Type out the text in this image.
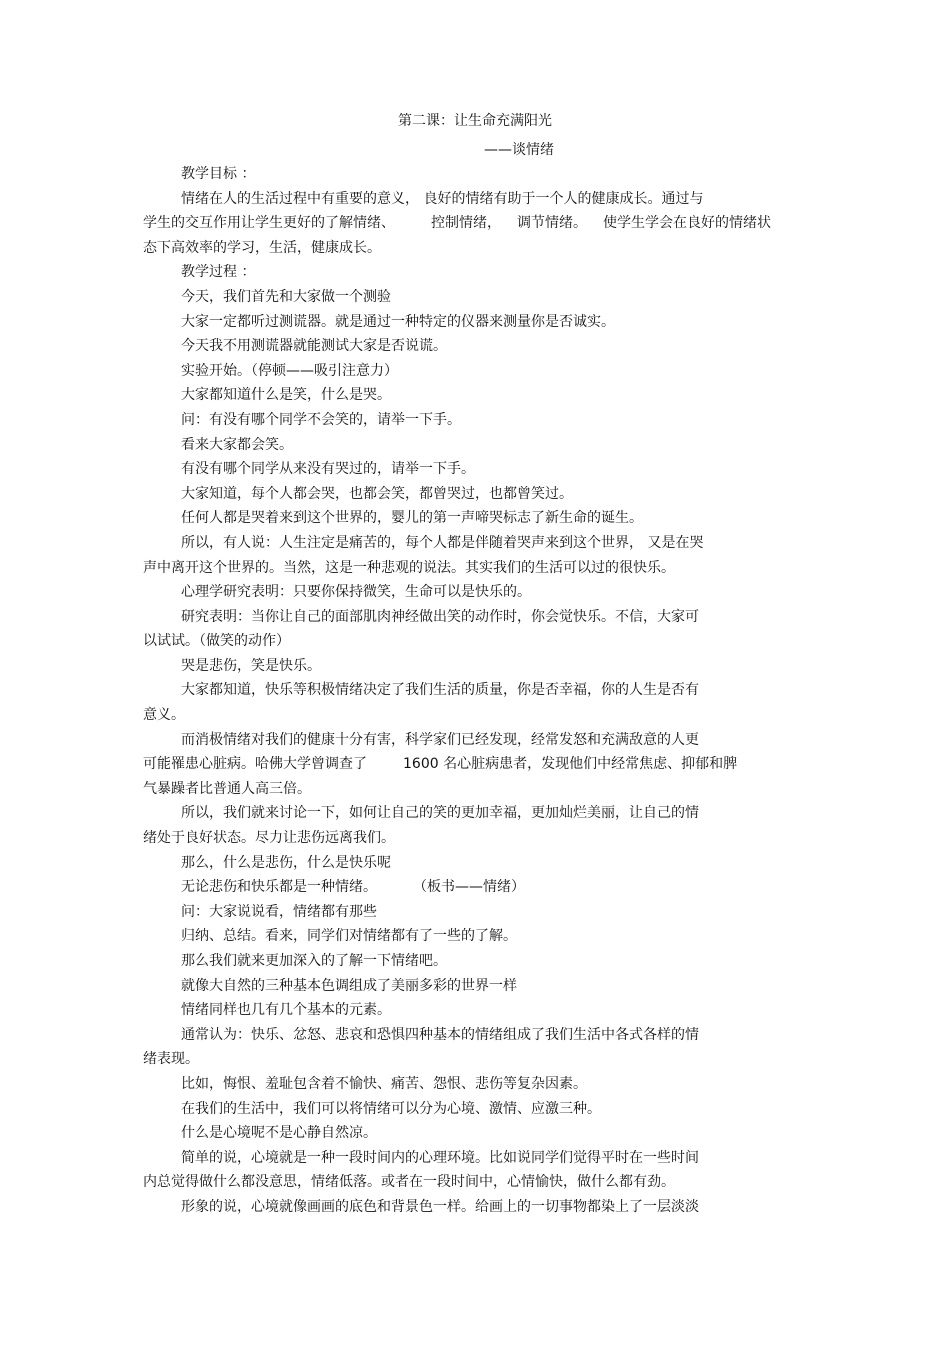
第二课：让生命充满阳光
——谈情绪
教学目标 ：
情绪在人的生活过程中有重要的意义， 良好的情绪有助于一个人的健康成长。通过与
学生的交互作用让学生更好的了解情绪、	控制情绪， 调节情绪。 使学生学会在良好的情绪状
态下高效率的学习，生活，健康成长。
教学过程 ：
今天，我们首先和大家做一个测验
大家一定都听过测谎器。就是通过一种特定的仪器来测量你是否诚实。
今天我不用测谎器就能测试大家是否说谎。
实验开始。（停顿——吸引注意力）
大家都知道什么是笑，什么是哭。
问：有没有哪个同学不会笑的，请举一下手。
看来大家都会笑。
有没有哪个同学从来没有哭过的，请举一下手。
大家知道，每个人都会哭，也都会笑，都曾哭过，也都曾笑过。
任何人都是哭着来到这个世界的，婴儿的第一声啼哭标志了新生命的诞生。
所以，有人说：人生注定是痛苦的，每个人都是伴随着哭声来到这个世界， 又是在哭
声中离开这个世界的。当然，这是一种悲观的说法。其实我们的生活可以过的很快乐。
心理学研究表明：只要你保持微笑，生命可以是快乐的。
研究表明：当你让自己的面部肌肉神经做出笑的动作时，你会觉快乐。不信，大家可
以试试。（做笑的动作）
哭是悲伤，笑是快乐。
大家都知道，快乐等积极情绪决定了我们生活的质量，你是否幸福，你的人生是否有
意义。
而消极情绪对我们的健康十分有害，科学家们已经发现，经常发怒和充满敌意的人更
可能罹患心脏病。哈佛大学曾调查了	1600 名心脏病患者，发现他们中经常焦虑、抑郁和脾
气暴躁者比普通人高三倍。
所以，我们就来讨论一下，如何让自己的笑的更加幸福，更加灿烂美丽，让自己的情
绪处于良好状态。尽力让悲伤远离我们。
那么，什么是悲伤，什么是快乐呢
无论悲伤和快乐都是一种情绪。	（板书——情绪）
问：大家说说看，情绪都有那些
归纳、总结。看来，同学们对情绪都有了一些的了解。
那么我们就来更加深入的了解一下情绪吧。
就像大自然的三种基本色调组成了美丽多彩的世界一样
情绪同样也几有几个基本的元素。
通常认为：快乐、忿怒、悲哀和恐惧四种基本的情绪组成了我们生活中各式各样的情
绪表现。
比如，悔恨、羞耻包含着不愉快、痛苦、怨恨、悲伤等复杂因素。
在我们的生活中，我们可以将情绪可以分为心境、激情、应激三种。
什么是心境呢不是心静自然凉。
简单的说，心境就是一种一段时间内的心理环境。比如说同学们觉得平时在一些时间
内总觉得做什么都没意思，情绪低落。或者在一段时间中，心情愉快，做什么都有劲。
形象的说，心境就像画画的底色和背景色一样。给画上的一切事物都染上了一层淡淡
